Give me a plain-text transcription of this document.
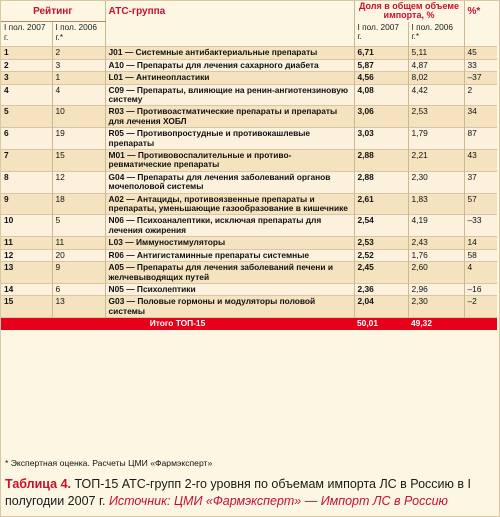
Рейтинг		АТС-группа	Доля в общем объеме импорта, %		%*
I пол. 2007 г.	I пол. 2006 г.*		I пол. 2007 г.	I пол. 2006 г.*	
1	2	J01 — Системные антибактериальные препараты	6,71	5,11	45
2	3	A10 — Препараты для лечения сахарного диабета	5,87	4,87	33
3	1	L01 — Антинеопластики	4,56	8,02	–37
4	4	C09 — Препараты, влияющие на ренин-ангиотензиновую систему	4,08	4,42	2
5	10	R03 — Противоастматические препараты и препараты для лечения ХОБЛ	3,06	2,53	34
6	19	R05 — Противопростудные и противокашлевые препараты	3,03	1,79	87
7	15	M01 — Противовоспалительные и противоревматические препараты	2,88	2,21	43
8	12	G04 — Препараты для лечения заболеваний органов мочеполовой системы	2,88	2,30	37
9	18	A02 — Антациды, противоязвенные препараты и препараты, уменьшающие газообразование в кишечнике	2,61	1,83	57
10	5	N06 — Психоаналептики, исключая препараты для лечения ожирения	2,54	4,19	–33
11	11	L03 — Иммуностимуляторы	2,53	2,43	14
12	20	R06 — Антигистаминные препараты системные	2,52	1,76	58
13	9	A05 — Препараты для лечения заболеваний печени и желчевыводящих путей	2,45	2,60	4
14	6	N05 — Психолептики	2,36	2,96	–16
15	13	G03 — Половые гормоны и модуляторы половой системы	2,04	2,30	–2
Итого ТОП-15			50,01	49,32	
* Экспертная оценка. Расчеты ЦМИ «Фармэксперт»
Таблица 4. ТОП-15 АТС-групп 2-го уровня по объемам импорта ЛС в Россию в I полугодии 2007 г. Источник: ЦМИ «Фармэксперт» — Импорт ЛС в Россию
